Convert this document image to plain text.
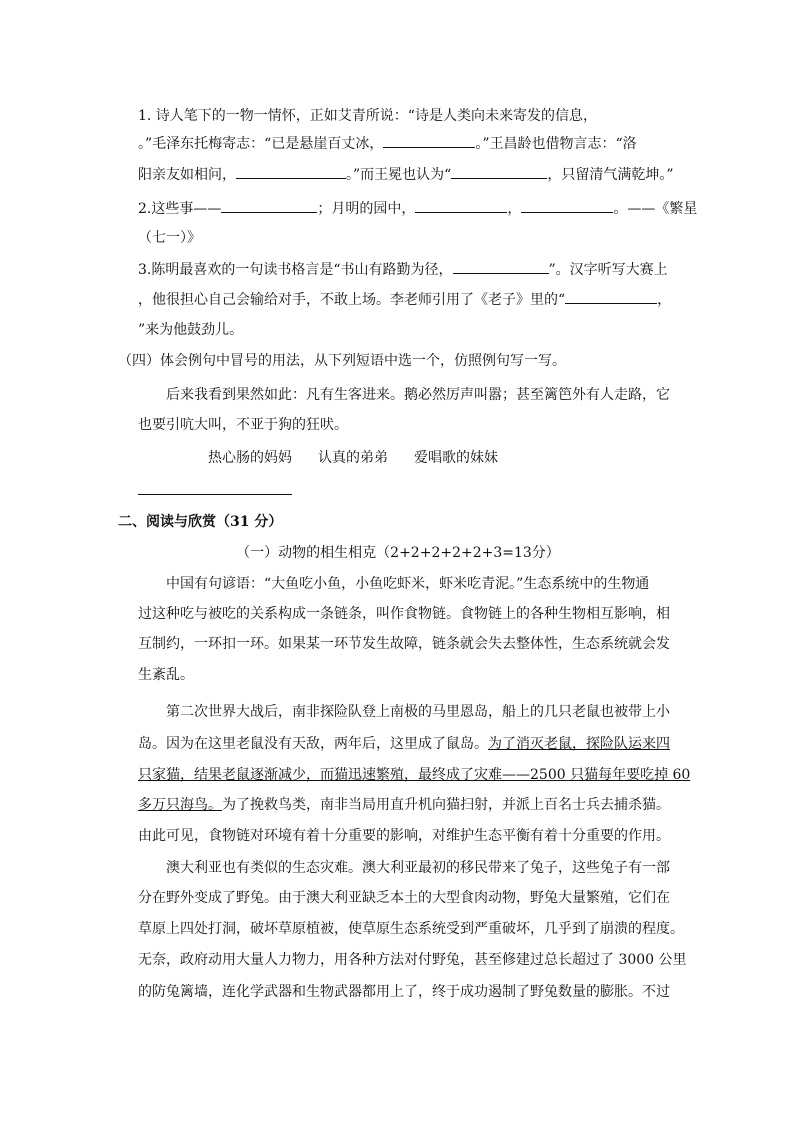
1. 诗人笔下的一物一情怀，正如艾青所说：“诗是人类向未来寄发的信息，
。”毛泽东托梅寄志：“已是悬崖百丈冰，	。”王昌龄也借物言志：“洛
阳亲友如相问，	。”而王冕也认为“	，只留清气满乾坤。”
2.这些事——	；月明的园中，	，	。——《繁星
（七一）》
3.陈明最喜欢的一句读书格言是“书山有路勤为径，	”。汉字听写大赛上
，他很担心自己会输给对手，不敢上场。李老师引用了《老子》里的“	，
”来为他鼓劲儿。
（四）体会例句中冒号的用法，从下列短语中选一个，仿照例句写一写。
后来我看到果然如此：凡有生客进来。鹅必然厉声叫嚣；甚至篱笆外有人走路，它
也要引吭大叫，不亚于狗的狂吠。
热心肠的妈妈 认真的弟弟 爱唱歌的妹妹
二、阅读与欣赏（31 分）
（一）动物的相生相克（2+2+2+2+2+3=13分）
中国有句谚语：“大鱼吃小鱼，小鱼吃虾米，虾米吃青泥。”生态系统中的生物通
过这种吃与被吃的关系构成一条链条，叫作食物链。食物链上的各种生物相互影响，相
互制约，一环扣一环。如果某一环节发生故障，链条就会失去整体性，生态系统就会发
生紊乱。
第二次世界大战后，南非探险队登上南极的马里恩岛，船上的几只老鼠也被带上小
岛。因为在这里老鼠没有天敌，两年后，这里成了鼠岛。为了消灭老鼠，探险队运来四
只家猫，结果老鼠逐渐减少，而猫迅速繁殖，最终成了灾难——2500 只猫每年要吃掉 60
多万只海鸟。为了挽救鸟类，南非当局用直升机向猫扫射，并派上百名士兵去捕杀猫。
由此可见，食物链对环境有着十分重要的影响，对维护生态平衡有着十分重要的作用。
澳大利亚也有类似的生态灾难。澳大利亚最初的移民带来了兔子，这些兔子有一部
分在野外变成了野兔。由于澳大利亚缺乏本土的大型食肉动物，野兔大量繁殖，它们在
草原上四处打洞，破坏草原植被，使草原生态系统受到严重破坏，几乎到了崩溃的程度。
无奈，政府动用大量人力物力，用各种方法对付野兔，甚至修建过总长超过了 3000 公里
的防兔篱墙，连化学武器和生物武器都用上了，终于成功遏制了野兔数量的膨胀。不过
